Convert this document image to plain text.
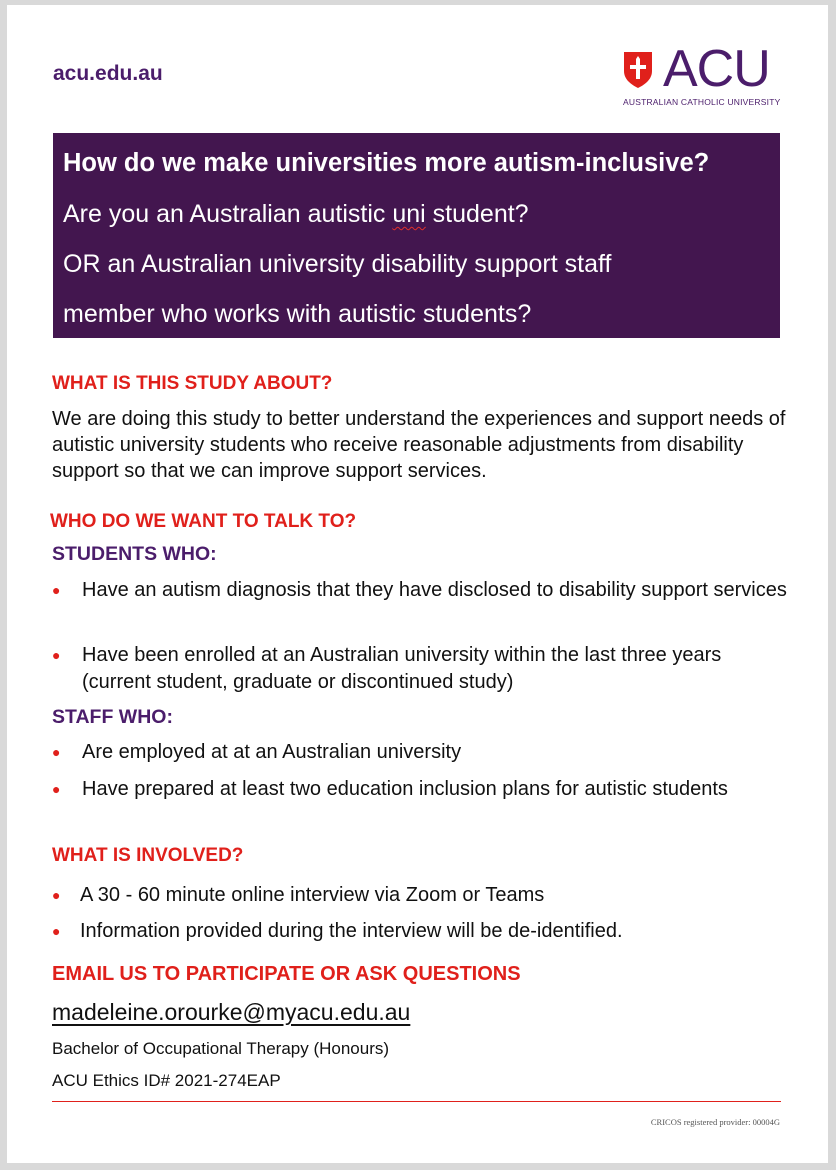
acu.edu.au	ACU
AUSTRALIAN CATHOLIC UNIVERSITY
How do we make universities more autism-inclusive?
Are you an Australian autistic uni student?
OR an Australian university disability support staff
member who works with autistic students?
WHAT IS THIS STUDY ABOUT?
We are doing this study to better understand the experiences and support needs of autistic university students who receive reasonable adjustments from disability support so that we can improve support services.
WHO DO WE WANT TO TALK TO?
STUDENTS WHO:
● Have an autism diagnosis that they have disclosed to disability support services
● Have been enrolled at an Australian university within the last three years (current student, graduate or discontinued study)
STAFF WHO:
● Are employed at at an Australian university
● Have prepared at least two education inclusion plans for autistic students
WHAT IS INVOLVED?
● A 30 - 60 minute online interview via Zoom or Teams
● Information provided during the interview will be de-identified.
EMAIL US TO PARTICIPATE OR ASK QUESTIONS
madeleine.orourke@myacu.edu.au
Bachelor of Occupational Therapy (Honours)
ACU Ethics ID# 2021-274EAP
CRICOS registered provider: 00004G
